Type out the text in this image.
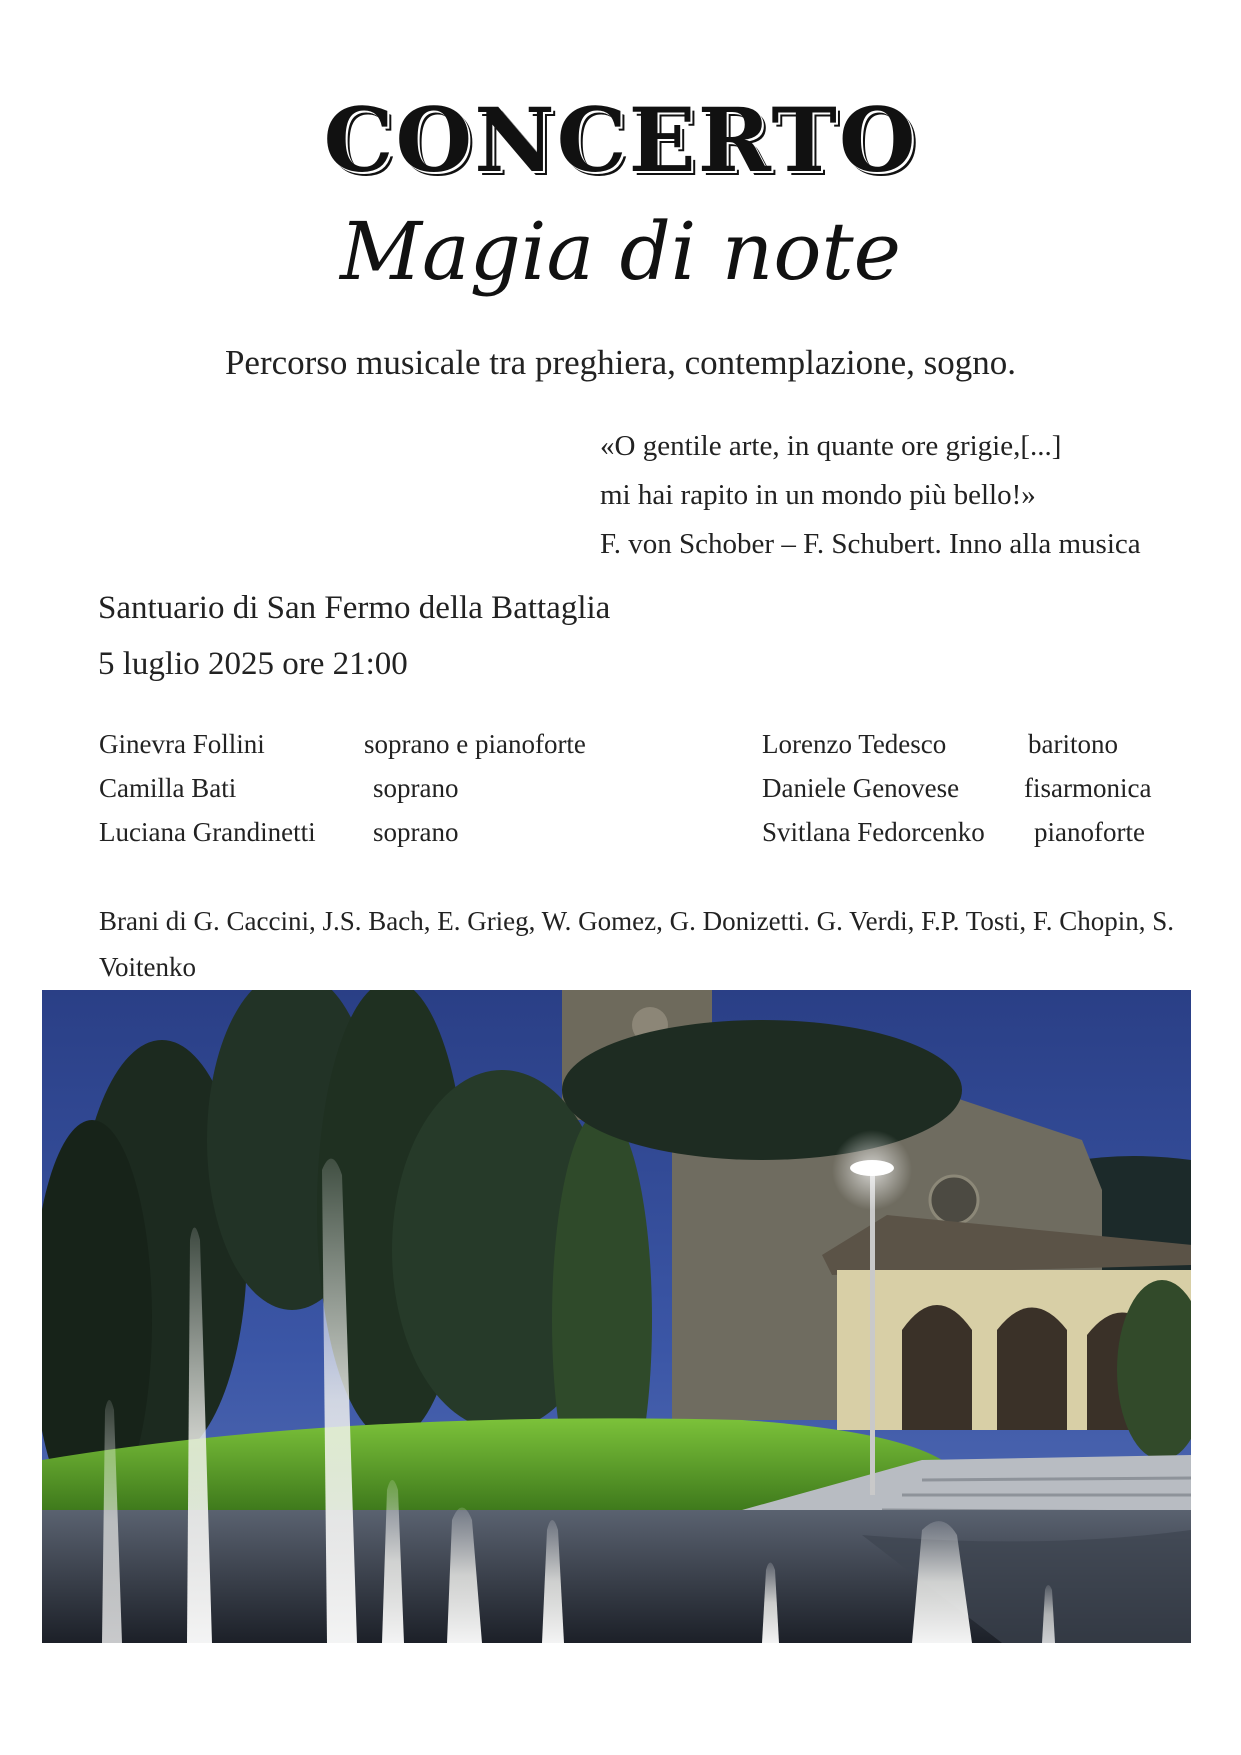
CONCERTO
Magia di note
Percorso musicale tra preghiera, contemplazione, sogno.
«O gentile arte, in quante ore grigie,[...]
mi hai rapito in un mondo più bello!»
F. von Schober – F. Schubert. Inno alla musica
Santuario di San Fermo della Battaglia
5 luglio 2025 ore 21:00
Ginevra Follini	soprano e pianoforte
Camilla Bati	soprano
Luciana Grandinetti soprano
Lorenzo Tedesco	baritono
Daniele Genovese fisarmonica
Svitlana Fedorcenko pianoforte
Brani di G. Caccini, J.S. Bach, E. Grieg, W. Gomez, G. Donizetti. G. Verdi, F.P. Tosti, F. Chopin, S. Voitenko
